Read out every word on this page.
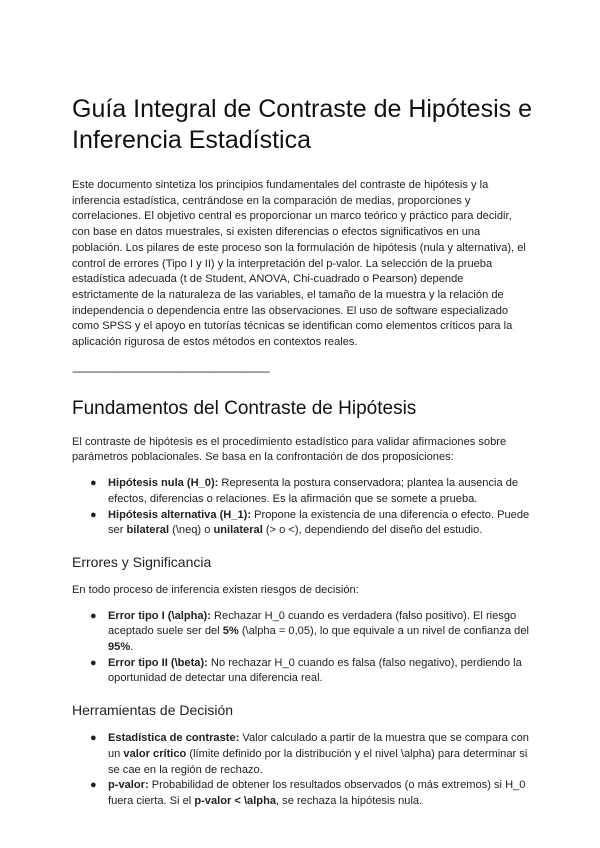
Guía Integral de Contraste de Hipótesis e Inferencia Estadística

Este documento sintetiza los principios fundamentales del contraste de hipótesis y la inferencia estadística, centrándose en la comparación de medias, proporciones y correlaciones. El objetivo central es proporcionar un marco teórico y práctico para decidir, con base en datos muestrales, si existen diferencias o efectos significativos en una población. Los pilares de este proceso son la formulación de hipótesis (nula y alternativa), el control de errores (Tipo I y II) y la interpretación del p-valor. La selección de la prueba estadística adecuada (t de Student, ANOVA, Chi-cuadrado o Pearson) depende estrictamente de la naturaleza de las variables, el tamaño de la muestra y la relación de independencia o dependencia entre las observaciones. El uso de software especializado como SPSS y el apoyo en tutorías técnicas se identifican como elementos críticos para la aplicación rigurosa de estos métodos en contextos reales.

--------------------------------------------------------------------------------
Fundamentos del Contraste de Hipótesis

El contraste de hipótesis es el procedimiento estadístico para validar afirmaciones sobre parámetros poblacionales. Se basa en la confrontación de dos proposiciones:

● Hipótesis nula (H_0): Representa la postura conservadora; plantea la ausencia de efectos, diferencias o relaciones. Es la afirmación que se somete a prueba.
● Hipótesis alternativa (H_1): Propone la existencia de una diferencia o efecto. Puede ser bilateral (\neq) o unilateral (> o <), dependiendo del diseño del estudio.
Errores y Significancia

En todo proceso de inferencia existen riesgos de decisión:

● Error tipo I (\alpha): Rechazar H_0 cuando es verdadera (falso positivo). El riesgo aceptado suele ser del 5% (\alpha = 0,05), lo que equivale a un nivel de confianza del 95%.
● Error tipo II (\beta): No rechazar H_0 cuando es falsa (falso negativo), perdiendo la oportunidad de detectar una diferencia real.
Herramientas de Decisión
● Estadística de contraste: Valor calculado a partir de la muestra que se compara con un valor crítico (límite definido por la distribución y el nivel \alpha) para determinar si se cae en la región de rechazo.
● p-valor: Probabilidad de obtener los resultados observados (o más extremos) si H_0 fuera cierta. Si el p-valor < \alpha, se rechaza la hipótesis nula.
